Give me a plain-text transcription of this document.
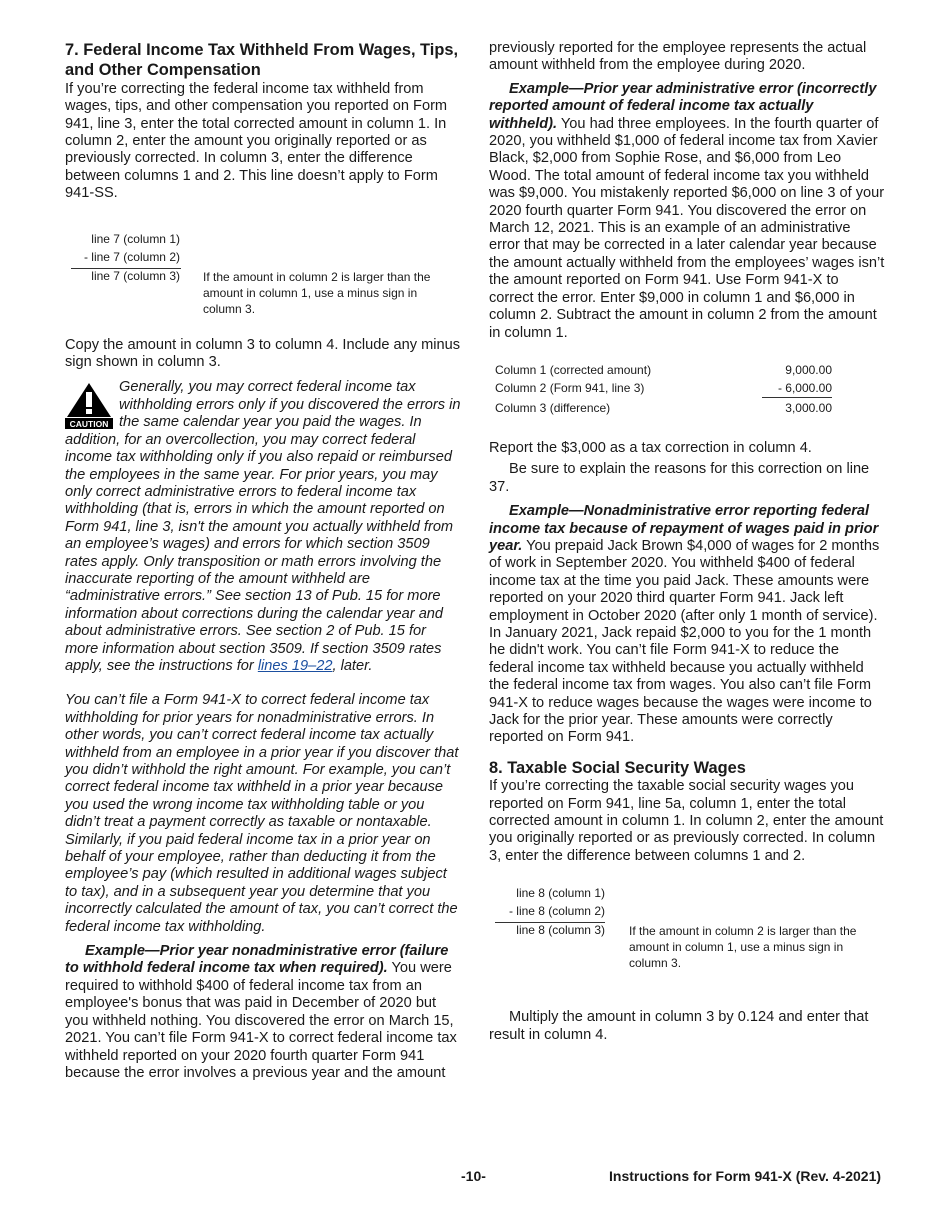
7. Federal Income Tax Withheld From Wages, Tips, and Other Compensation

If you’re correcting the federal income tax withheld from wages, tips, and other compensation you reported on Form 941, line 3, enter the total corrected amount in column 1. In column 2, enter the amount you originally reported or as previously corrected. In column 3, enter the difference between columns 1 and 2. This line doesn’t apply to Form 941-SS.

line 7 (column 1)
- line 7 (column 2)
line 7 (column 3) If the amount in column 2 is larger than the amount in column 1, use a minus sign in column 3.

Copy the amount in column 3 to column 4. Include any minus sign shown in column 3.

CAUTION

Generally, you may correct federal income tax withholding errors only if you discovered the errors in the same calendar year you paid the wages. In addition, for an overcollection, you may correct federal income tax withholding only if you also repaid or reimbursed the employees in the same year. For prior years, you may only correct administrative errors to federal income tax withholding (that is, errors in which the amount reported on Form 941, line 3, isn't the amount you actually withheld from an employee’s wages) and errors for which section 3509 rates apply. Only transposition or math errors involving the inaccurate reporting of the amount withheld are “administrative errors.” See section 13 of Pub. 15 for more information about corrections during the calendar year and about administrative errors. See section 2 of Pub. 15 for more information about section 3509. If section 3509 rates apply, see the instructions for lines 19–22, later.

You can’t file a Form 941-X to correct federal income tax withholding for prior years for nonadministrative errors. In other words, you can’t correct federal income tax actually withheld from an employee in a prior year if you discover that you didn’t withhold the right amount. For example, you can’t correct federal income tax withheld in a prior year because you used the wrong income tax withholding table or you didn’t treat a payment correctly as taxable or nontaxable. Similarly, if you paid federal income tax in a prior year on behalf of your employee, rather than deducting it from the employee’s pay (which resulted in additional wages subject to tax), and in a subsequent year you determine that you incorrectly calculated the amount of tax, you can’t correct the federal income tax withholding.

Example—Prior year nonadministrative error (failure to withhold federal income tax when required). You were required to withhold $400 of federal income tax from an employee's bonus that was paid in December of 2020 but you withheld nothing. You discovered the error on March 15, 2021. You can’t file Form 941-X to correct federal income tax withheld reported on your 2020 fourth quarter Form 941 because the error involves a previous year and the amount

previously reported for the employee represents the actual amount withheld from the employee during 2020.

Example—Prior year administrative error (incorrectly reported amount of federal income tax actually withheld). You had three employees. In the fourth quarter of 2020, you withheld $1,000 of federal income tax from Xavier Black, $2,000 from Sophie Rose, and $6,000 from Leo Wood. The total amount of federal income tax you withheld was $9,000. You mistakenly reported $6,000 on line 3 of your 2020 fourth quarter Form 941. You discovered the error on March 12, 2021. This is an example of an administrative error that may be corrected in a later calendar year because the amount actually withheld from the employees’ wages isn’t the amount reported on Form 941. Use Form 941-X to correct the error. Enter $9,000 in column 1 and $6,000 in column 2. Subtract the amount in column 2 from the amount in column 1.

Column 1 (corrected amount)	9,000.00
Column 2 (Form 941, line 3)	- 6,000.00
Column 3 (difference)	3,000.00

Report the $3,000 as a tax correction in column 4.

Be sure to explain the reasons for this correction on line 37.

Example—Nonadministrative error reporting federal income tax because of repayment of wages paid in prior year. You prepaid Jack Brown $4,000 of wages for 2 months of work in September 2020. You withheld $400 of federal income tax at the time you paid Jack. These amounts were reported on your 2020 third quarter Form 941. Jack left employment in October 2020 (after only 1 month of service). In January 2021, Jack repaid $2,000 to you for the 1 month he didn't work. You can’t file Form 941-X to reduce the federal income tax withheld because you actually withheld the federal income tax from wages. You also can’t file Form 941-X to reduce wages because the wages were income to Jack for the prior year. These amounts were correctly reported on Form 941.

8. Taxable Social Security Wages

If you’re correcting the taxable social security wages you reported on Form 941, line 5a, column 1, enter the total corrected amount in column 1. In column 2, enter the amount you originally reported or as previously corrected. In column 3, enter the difference between columns 1 and 2.

line 8 (column 1)
- line 8 (column 2)
line 8 (column 3) If the amount in column 2 is larger than the amount in column 1, use a minus sign in column 3.

Multiply the amount in column 3 by 0.124 and enter that result in column 4.

-10-	Instructions for Form 941-X (Rev. 4-2021)
